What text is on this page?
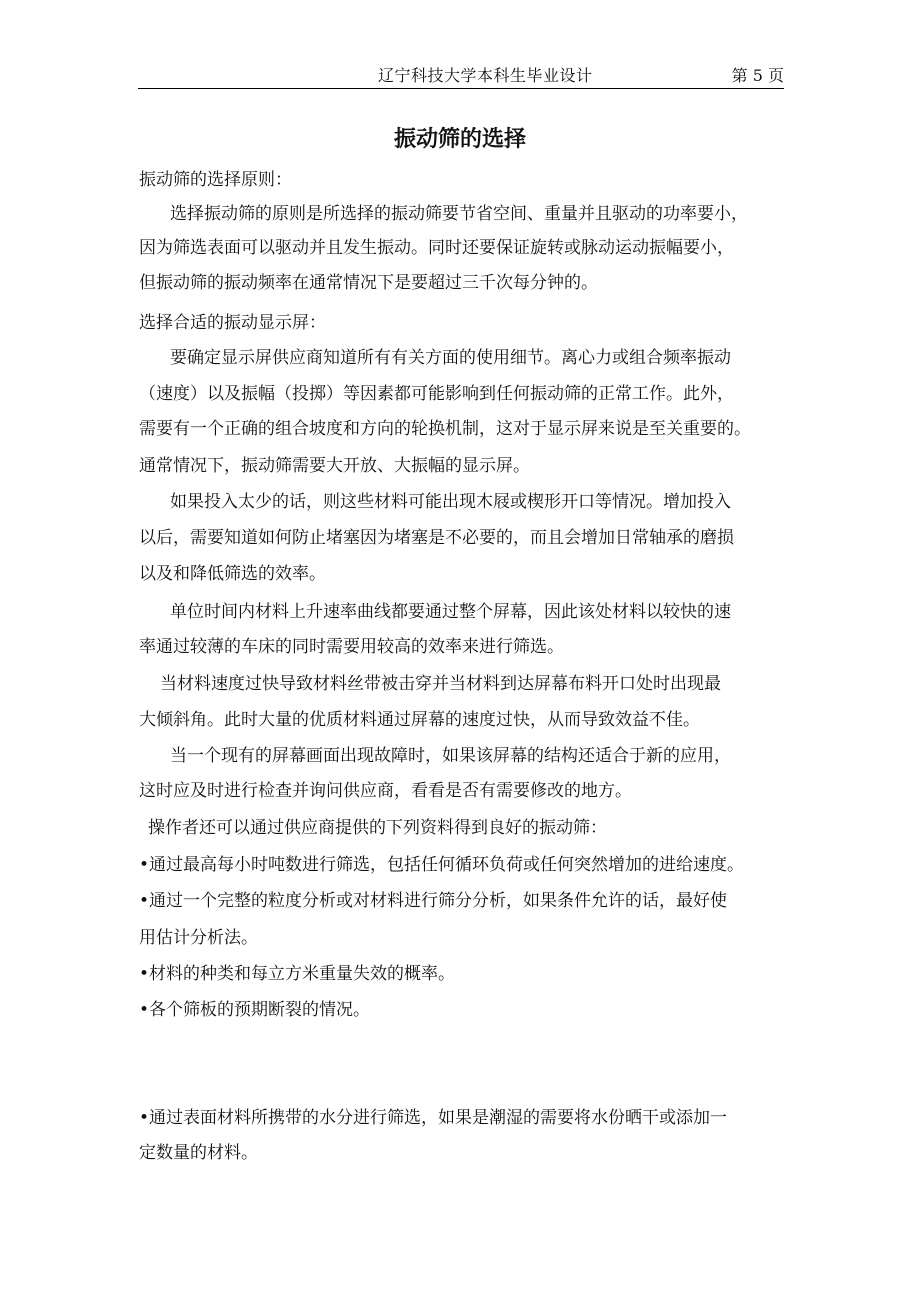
辽宁科技大学本科生毕业设计	第 5 页
振动筛的选择
振动筛的选择原则：
选择振动筛的原则是所选择的振动筛要节省空间、重量并且驱动的功率要小，
因为筛选表面可以驱动并且发生振动。同时还要保证旋转或脉动运动振幅要小，
但振动筛的振动频率在通常情况下是要超过三千次每分钟的。
选择合适的振动显示屏：
要确定显示屏供应商知道所有有关方面的使用细节。离心力或组合频率振动
（速度）以及振幅（投掷）等因素都可能影响到任何振动筛的正常工作。此外，
需要有一个正确的组合坡度和方向的轮换机制，这对于显示屏来说是至关重要的。
通常情况下，振动筛需要大开放、大振幅的显示屏。
如果投入太少的话，则这些材料可能出现木屐或楔形开口等情况。增加投入
以后，需要知道如何防止堵塞因为堵塞是不必要的，而且会增加日常轴承的磨损
以及和降低筛选的效率。
单位时间内材料上升速率曲线都要通过整个屏幕，因此该处材料以较快的速
率通过较薄的车床的同时需要用较高的效率来进行筛选。
当材料速度过快导致材料丝带被击穿并当材料到达屏幕布料开口处时出现最
大倾斜角。此时大量的优质材料通过屏幕的速度过快，从而导致效益不佳。
当一个现有的屏幕画面出现故障时，如果该屏幕的结构还适合于新的应用，
这时应及时进行检查并询问供应商，看看是否有需要修改的地方。
操作者还可以通过供应商提供的下列资料得到良好的振动筛：
•通过最高每小时吨数进行筛选，包括任何循环负荷或任何突然增加的进给速度。
•通过一个完整的粒度分析或对材料进行筛分分析，如果条件允许的话，最好使
用估计分析法。
•材料的种类和每立方米重量失效的概率。
•各个筛板的预期断裂的情况。
•通过表面材料所携带的水分进行筛选，如果是潮湿的需要将水份晒干或添加一
定数量的材料。
